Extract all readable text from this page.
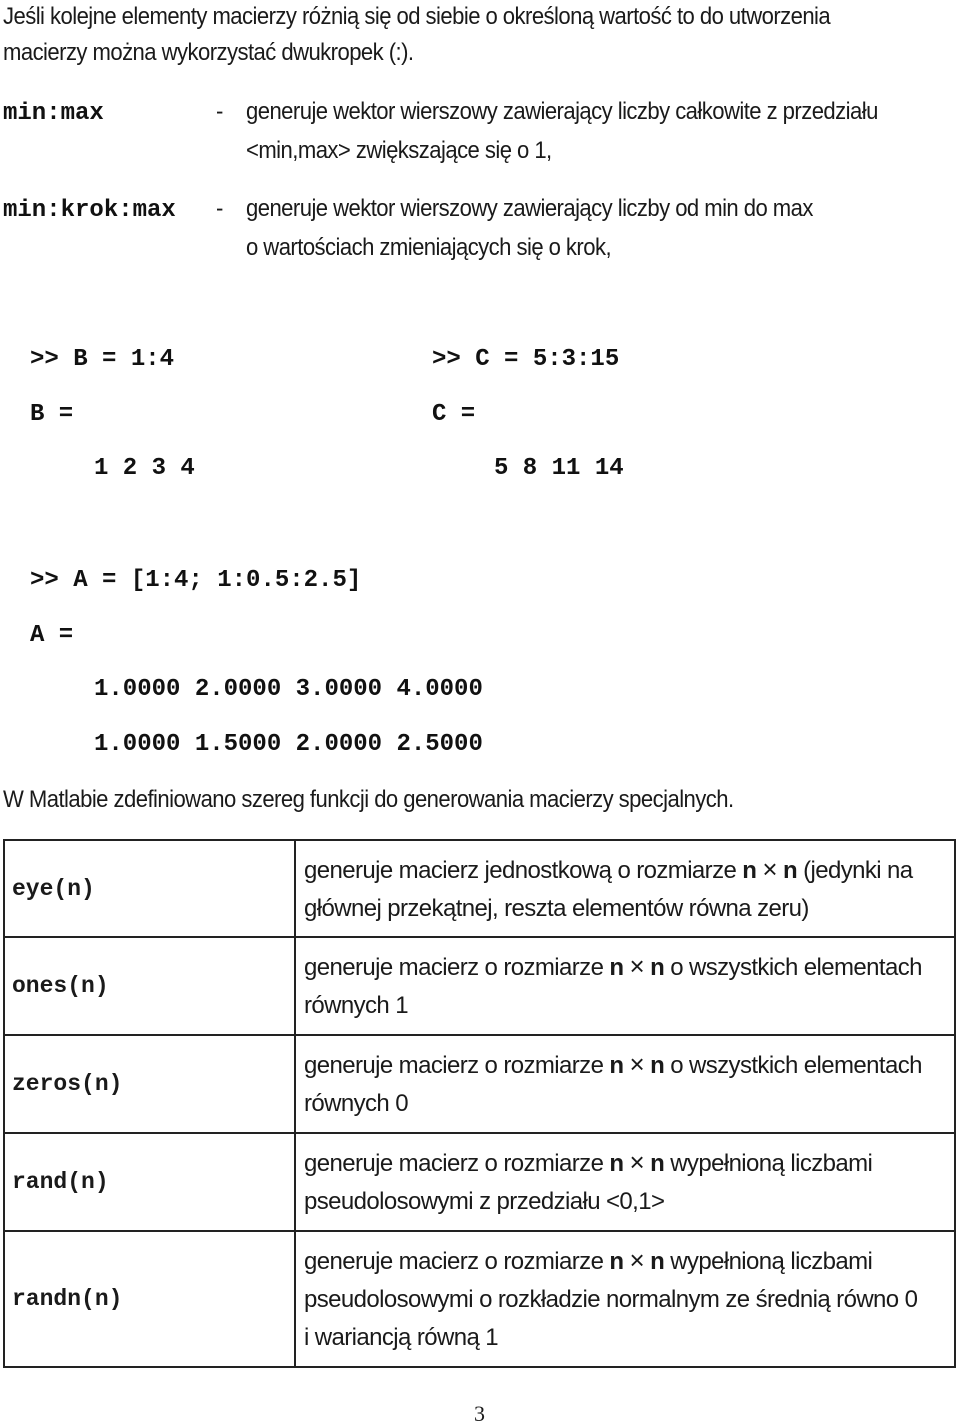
Jeśli kolejne elementy macierzy różnią się od siebie o określoną wartość to do utworzenia
macierzy można wykorzystać dwukropek (:).
min:max	- generuje wektor wierszowy zawierający liczby całkowite z przedziału
<min,max> zwiększające się o 1,
min:krok:max - generuje wektor wierszowy zawierający liczby od min do max
o wartościach zmieniających się o krok,
>> B = 1:4
B =
1 2 3 4
>> C = 5:3:15
C =
5 8 11 14
>> A = [1:4; 1:0.5:2.5]
A =
1.0000 2.0000 3.0000 4.0000
1.0000 1.5000 2.0000 2.5000
W Matlabie zdefiniowano szereg funkcji do generowania macierzy specjalnych.
eye(n)	generuje macierz jednostkową o rozmiarze n × n (jedynki na
głównej przekątnej, reszta elementów równa zeru)
ones(n)	generuje macierz o rozmiarze n × n o wszystkich elementach
równych 1
zeros(n)	generuje macierz o rozmiarze n × n o wszystkich elementach
równych 0
rand(n)	generuje macierz o rozmiarze n × n wypełnioną liczbami
pseudolosowymi z przedziału <0,1>
randn(n)	generuje macierz o rozmiarze n × n wypełnioną liczbami
pseudolosowymi o rozkładzie normalnym ze średnią równo 0
i wariancją równą 1
3
